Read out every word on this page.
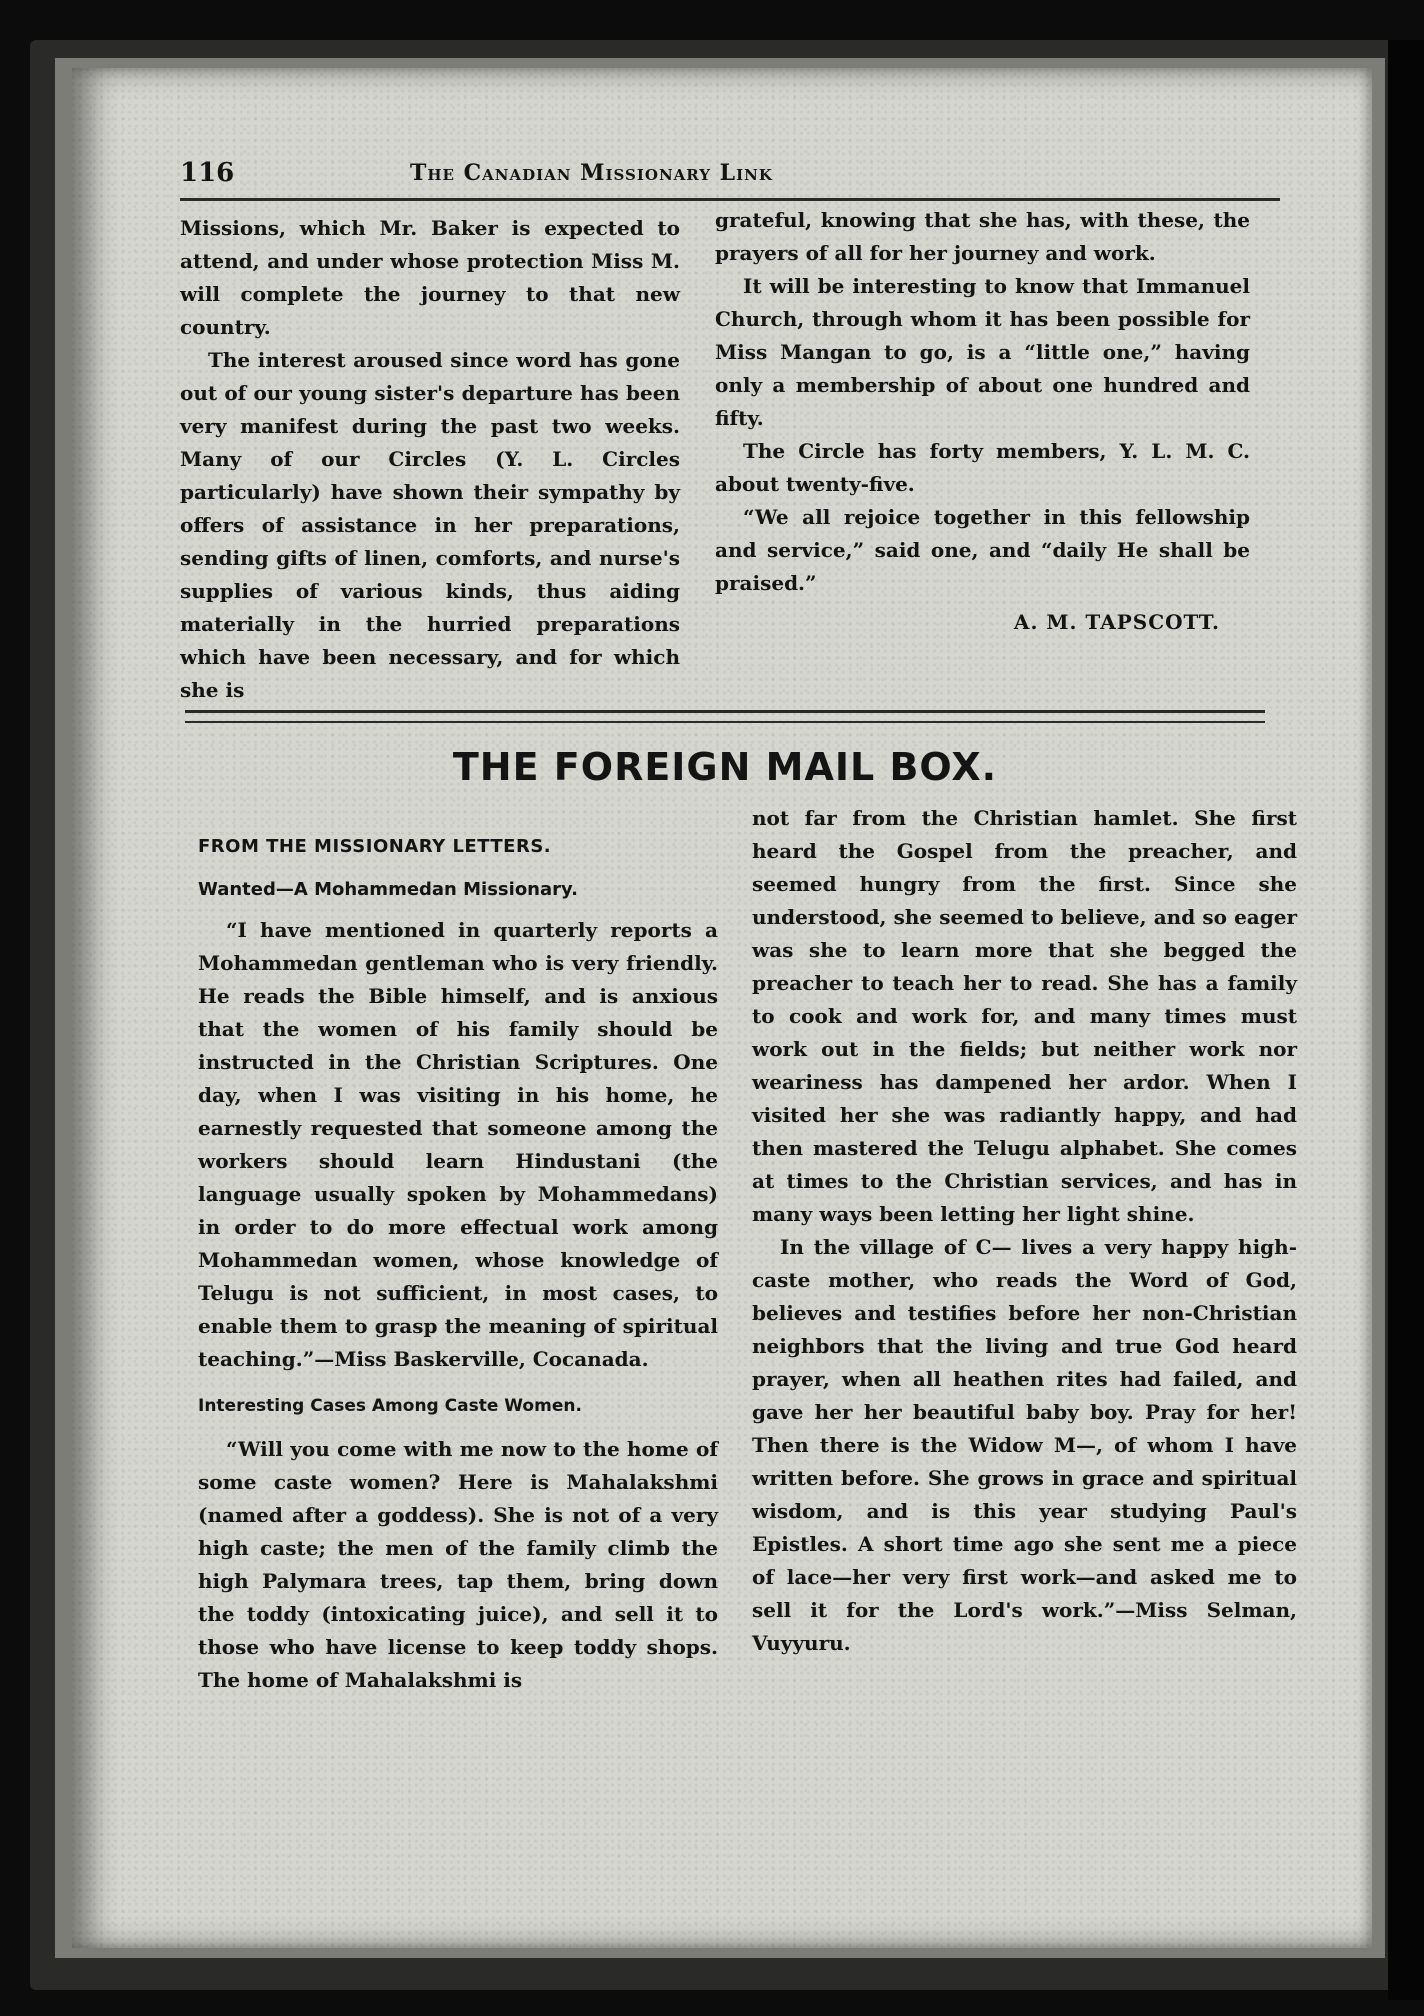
116	The Canadian Missionary Link

Missions, which Mr. Baker is expected to attend, and under whose protection Miss M. will complete the journey to that new country.

The interest aroused since word has gone out of our young sister's departure has been very manifest during the past two weeks. Many of our Circles (Y. L. Circles particularly) have shown their sympathy by offers of assistance in her preparations, sending gifts of linen, comforts, and nurse's supplies of various kinds, thus aiding materially in the hurried preparations which have been necessary, and for which she is

grateful, knowing that she has, with these, the prayers of all for her journey and work.

It will be interesting to know that Immanuel Church, through whom it has been possible for Miss Mangan to go, is a “little one,” having only a membership of about one hundred and fifty.

The Circle has forty members, Y. L. M. C. about twenty-five.

“We all rejoice together in this fellowship and service,” said one, and “daily He shall be praised.”

A. M. TAPSCOTT.

THE FOREIGN MAIL BOX.

FROM THE MISSIONARY LETTERS.

Wanted—A Mohammedan Missionary.

“I have mentioned in quarterly reports a Mohammedan gentleman who is very friendly. He reads the Bible himself, and is anxious that the women of his family should be instructed in the Christian Scriptures. One day, when I was visiting in his home, he earnestly requested that someone among the workers should learn Hindustani (the language usually spoken by Mohammedans) in order to do more effectual work among Mohammedan women, whose knowledge of Telugu is not sufficient, in most cases, to enable them to grasp the meaning of spiritual teaching.”—Miss Baskerville, Cocanada.

Interesting Cases Among Caste Women.

“Will you come with me now to the home of some caste women? Here is Mahalakshmi (named after a goddess). She is not of a very high caste; the men of the family climb the high Palymara trees, tap them, bring down the toddy (intoxicating juice), and sell it to those who have license to keep toddy shops. The home of Mahalakshmi is

not far from the Christian hamlet. She first heard the Gospel from the preacher, and seemed hungry from the first. Since she understood, she seemed to believe, and so eager was she to learn more that she begged the preacher to teach her to read. She has a family to cook and work for, and many times must work out in the fields; but neither work nor weariness has dampened her ardor. When I visited her she was radiantly happy, and had then mastered the Telugu alphabet. She comes at times to the Christian services, and has in many ways been letting her light shine.

In the village of C— lives a very happy high-caste mother, who reads the Word of God, believes and testifies before her non-Christian neighbors that the living and true God heard prayer, when all heathen rites had failed, and gave her her beautiful baby boy. Pray for her! Then there is the Widow M—, of whom I have written before. She grows in grace and spiritual wisdom, and is this year studying Paul's Epistles. A short time ago she sent me a piece of lace—her very first work—and asked me to sell it for the Lord's work.”—Miss Selman, Vuyyuru.
